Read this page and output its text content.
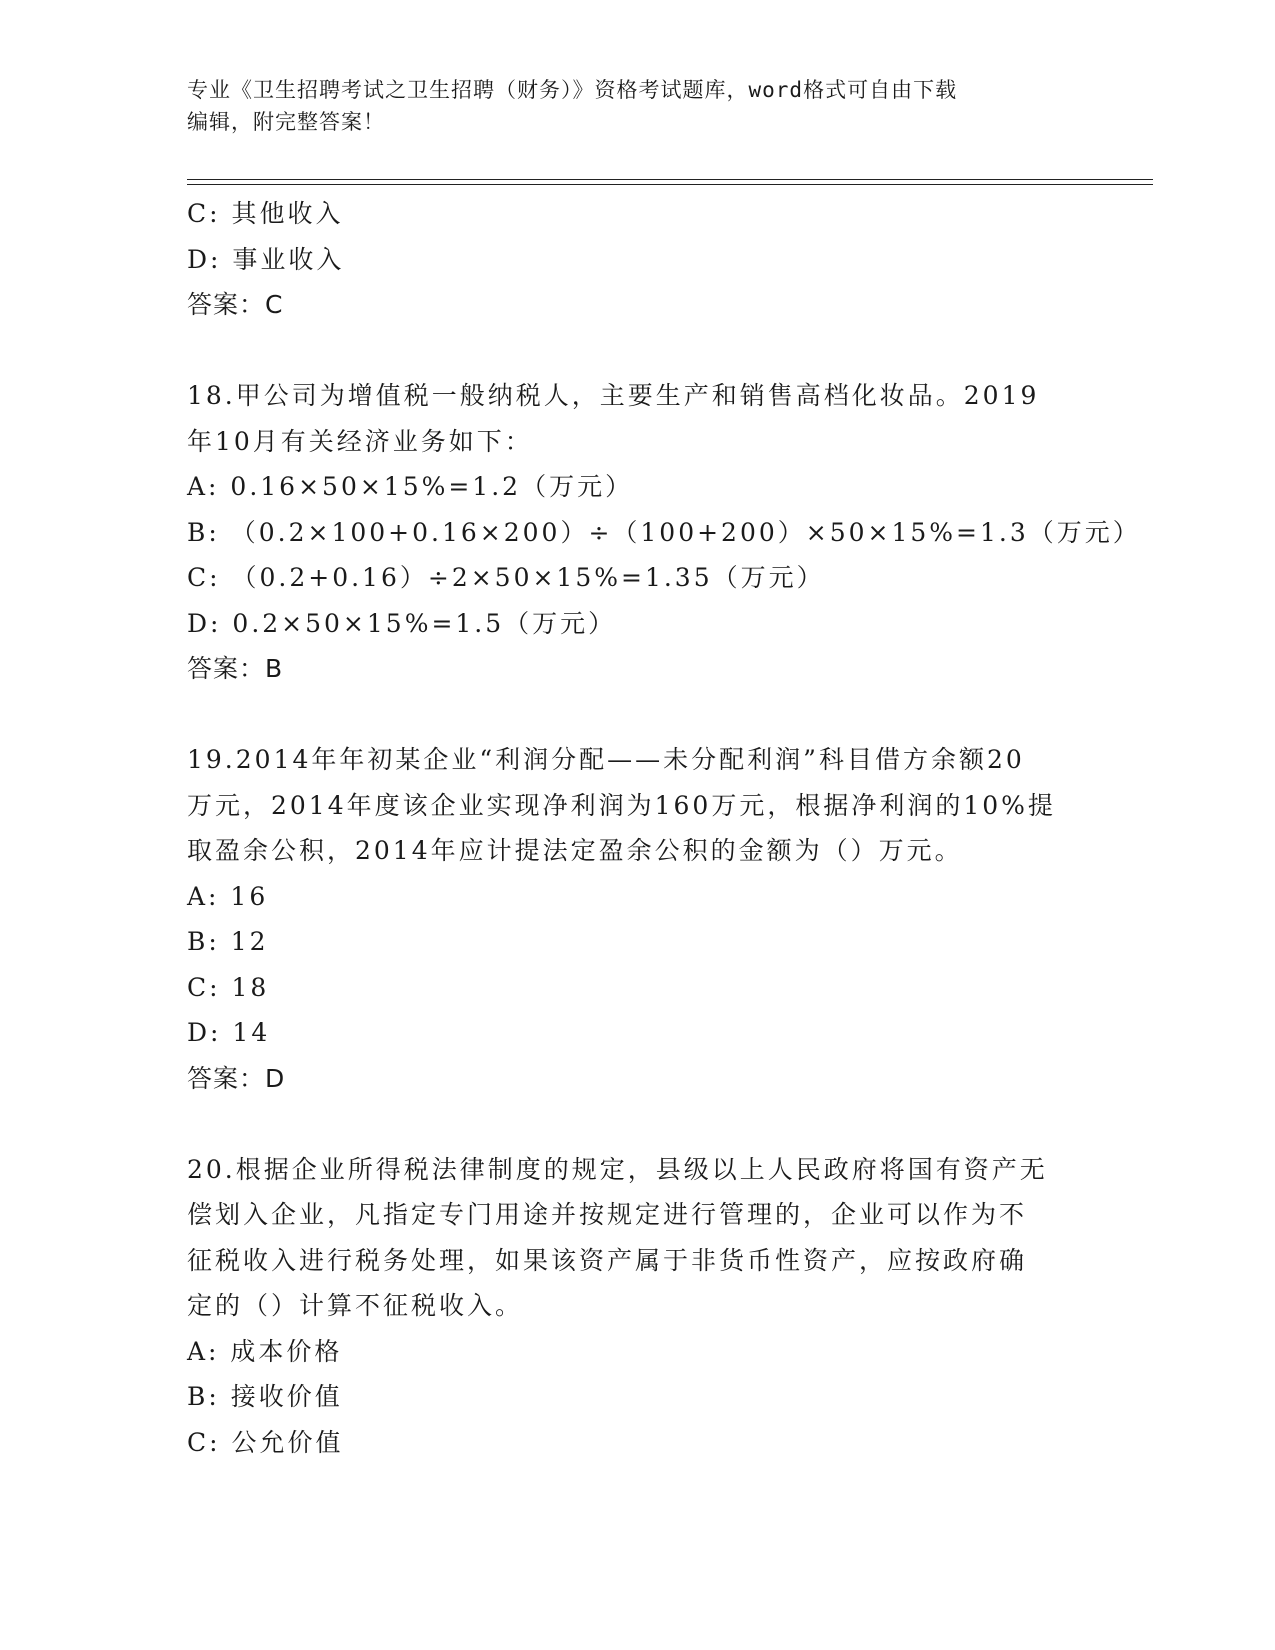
专业《卫生招聘考试之卫生招聘（财务）》资格考试题库，word格式可自由下载
编辑，附完整答案！
C: 其他收入
D: 事业收入
答案：C
18.甲公司为增值税一般纳税人，主要生产和销售高档化妆品。2019
年10月有关经济业务如下：
A: 0.16×50×15%=1.2（万元）
B: （0.2×100+0.16×200）÷（100+200）×50×15%=1.3（万元）
C: （0.2+0.16）÷2×50×15%=1.35（万元）
D: 0.2×50×15%=1.5（万元）
答案：B
19.2014年年初某企业“利润分配——未分配利润”科目借方余额20
万元，2014年度该企业实现净利润为160万元，根据净利润的10%提
取盈余公积，2014年应计提法定盈余公积的金额为（）万元。
A: 16
B: 12
C: 18
D: 14
答案：D
20.根据企业所得税法律制度的规定，县级以上人民政府将国有资产无
偿划入企业，凡指定专门用途并按规定进行管理的，企业可以作为不
征税收入进行税务处理，如果该资产属于非货币性资产，应按政府确
定的（）计算不征税收入。
A: 成本价格
B: 接收价值
C: 公允价值
